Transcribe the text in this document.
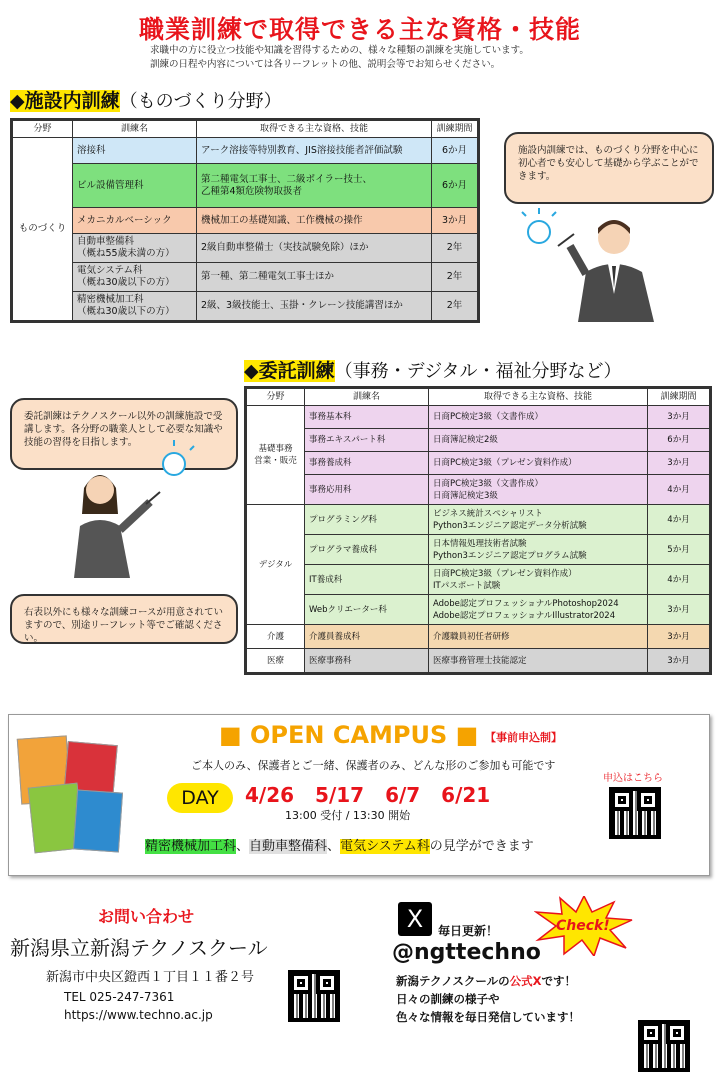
職業訓練で取得できる主な資格・技能
求職中の方に役立つ技能や知識を習得するための、様々な種類の訓練を実施しています。
訓練の日程や内容については各リーフレットの他、説明会等でお知らせください。
◆施設内訓練（ものづくり分野）
分野	訓練名	取得できる主な資格、技能	訓練期間
ものづくり	溶接科	アーク溶接等特別教育、JIS溶接技能者評価試験	6か月
	ビル設備管理科	第二種電気工事士、二級ボイラー技士、
乙種第4類危険物取扱者	6か月
	メカニカルベーシック	機械加工の基礎知識、工作機械の操作	3か月

	自動車整備科
（概ね55歳未満の方）	2級自動車整備士（実技試験免除）ほか	2年

	電気システム科
（概ね30歳以下の方）	第一種、第二種電気工事士ほか	2年

	精密機械加工科
（概ね30歳以下の方）	2級、3級技能士、玉掛・クレーン技能講習ほか	2年
施設内訓練では、ものづくり分野を中心に初心者でも安心して基礎から学ぶことができます。
◆委託訓練（事務・デジタル・福祉分野など）
委託訓練はテクノスクール以外の訓練施設で受講します。各分野の職業人として必要な知識や技能の習得を目指します。
右表以外にも様々な訓練コースが用意されていますので、別途リーフレット等でご確認ください。
分野	訓練名	取得できる主な資格、技能	訓練期間

基礎事務
営業・販売	事務基本科	日商PC検定3級（文書作成）	3か月
	事務エキスパート科	日商簿記検定2級	6か月
	事務養成科	日商PC検定3級（プレゼン資料作成）	3か月
	事務応用科	日商PC検定3級（文書作成）
日商簿記検定3級	4か月
デジタル	プログラミング科	ビジネス統計スペシャリスト
Python3エンジニア認定データ分析試験	4か月
	プログラマ養成科	日本情報処理技術者試験
Python3エンジニア認定プログラム試験	5か月
	IT養成科	日商PC検定3級（プレゼン資料作成）
ITパスポート試験	4か月
	Webクリエーター科	Adobe認定プロフェッショナルPhotoshop2024
Adobe認定プロフェッショナルIllustrator2024	3か月
介護	介護員養成科	介護職員初任者研修	3か月
医療	医療事務科	医療事務管理士技能認定	3か月
■ OPEN CAMPUS ■ 【事前申込制】
ご本人のみ、保護者とご一緒、保護者のみ、どんな形のご参加も可能です
DAY	4/26 5/17 6/7 6/21
13:00 受付 / 13:30 開始
精密機械加工科、自動車整備科、電気システム科の見学ができます
申込はこちら
お問い合わせ
新潟県立新潟テクノスクール
新潟市中央区鐙西１丁目１１番２号
TEL 025-247-7361
https://www.techno.ac.jp
X	毎日更新！	Check!
@ngttechno
新潟テクノスクールの公式Xです！
日々の訓練の様子や
色々な情報を毎日発信しています！
